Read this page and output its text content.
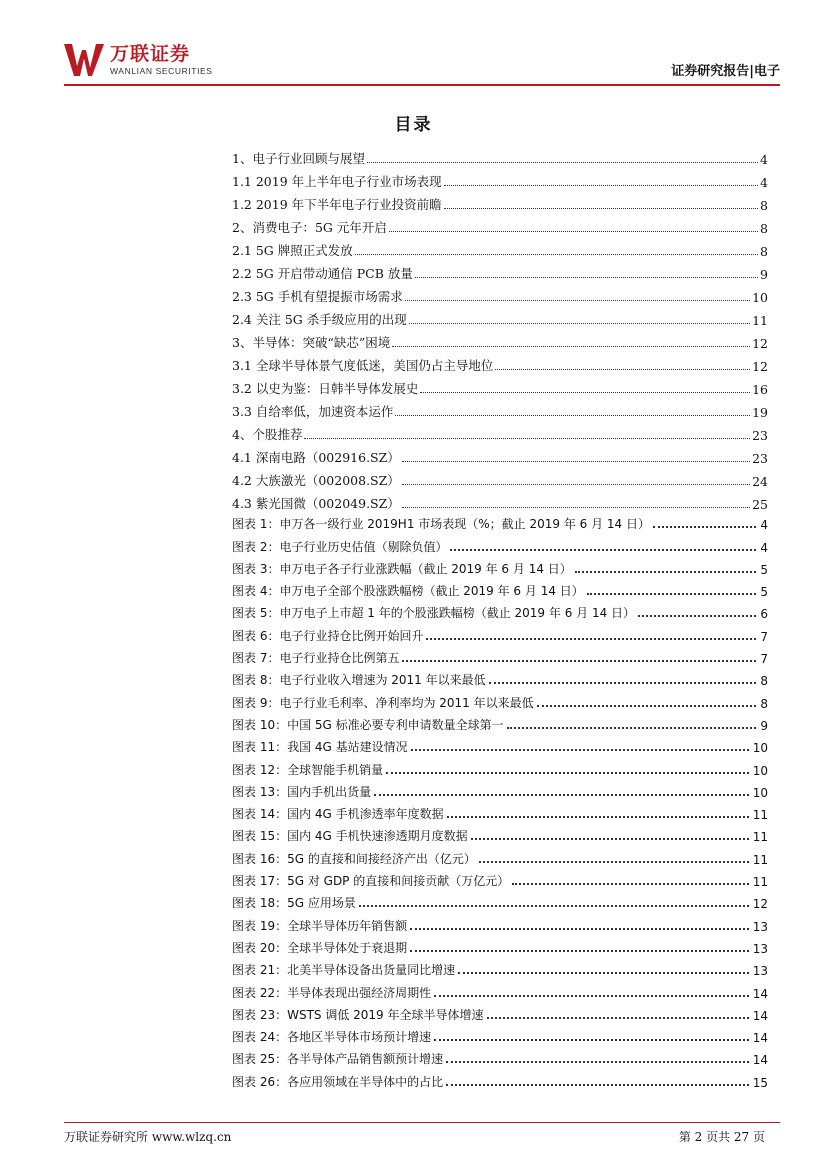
万联证券
WANLIAN SECURITIES	证券研究报告|电子
目录
1、电子行业回顾与展望	4
1.1 2019 年上半年电子行业市场表现	4
1.2 2019 年下半年电子行业投资前瞻	8
2、消费电子：5G 元年开启	8
2.1 5G 牌照正式发放	8
2.2 5G 开启带动通信 PCB 放量	9
2.3 5G 手机有望提振市场需求	10
2.4 关注 5G 杀手级应用的出现	11
3、半导体：突破“缺芯”困境	12
3.1 全球半导体景气度低迷，美国仍占主导地位	12
3.2 以史为鉴：日韩半导体发展史	16
3.3 自给率低，加速资本运作	19
4、个股推荐	23
4.1 深南电路（002916.SZ）	23
4.2 大族激光（002008.SZ）	24
4.3 紫光国微（002049.SZ）	25
图表 1：申万各一级行业 2019H1 市场表现（%；截止 2019 年 6 月 14 日）	4
图表 2：电子行业历史估值（剔除负值）	4
图表 3：申万电子各子行业涨跌幅（截止 2019 年 6 月 14 日）	5
图表 4：申万电子全部个股涨跌幅榜（截止 2019 年 6 月 14 日）	5
图表 5：申万电子上市超 1 年的个股涨跌幅榜（截止 2019 年 6 月 14 日）	6
图表 6：电子行业持仓比例开始回升	7
图表 7：电子行业持仓比例第五	7
图表 8：电子行业收入增速为 2011 年以来最低	8
图表 9：电子行业毛利率、净利率均为 2011 年以来最低	8
图表 10：中国 5G 标准必要专利申请数量全球第一	9
图表 11：我国 4G 基站建设情况	10
图表 12：全球智能手机销量	10
图表 13：国内手机出货量	10
图表 14：国内 4G 手机渗透率年度数据	11
图表 15：国内 4G 手机快速渗透期月度数据	11
图表 16：5G 的直接和间接经济产出（亿元）	11
图表 17：5G 对 GDP 的直接和间接贡献（万亿元）	11
图表 18：5G 应用场景	12
图表 19：全球半导体历年销售额	13
图表 20：全球半导体处于衰退期	13
图表 21：北美半导体设备出货量同比增速	13
图表 22：半导体表现出强经济周期性	14
图表 23：WSTS 调低 2019 年全球半导体增速	14
图表 24：各地区半导体市场预计增速	14
图表 25：各半导体产品销售额预计增速	14
图表 26：各应用领域在半导体中的占比	15
万联证券研究所 www.wlzq.cn	第 2 页共 27 页
